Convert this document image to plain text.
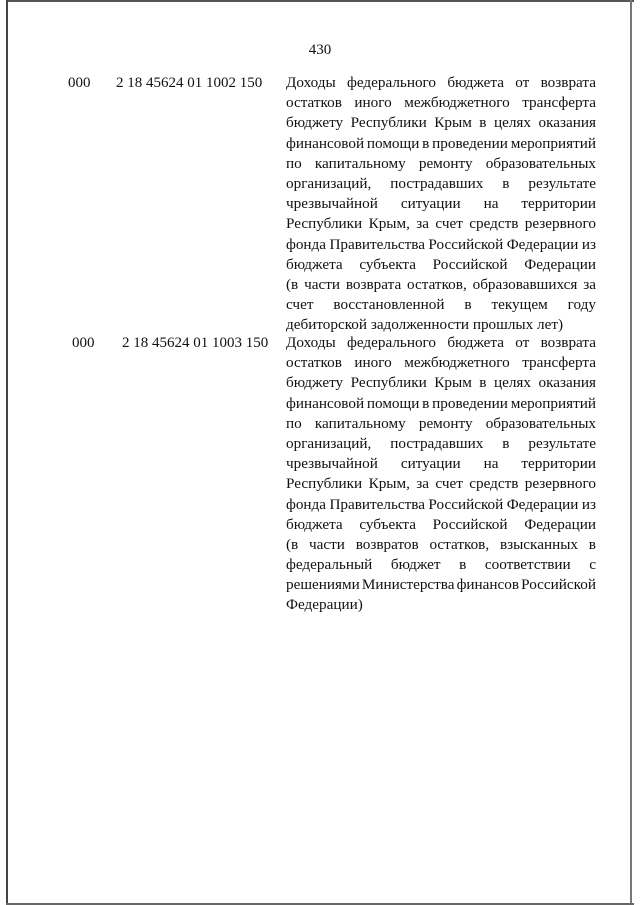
430
000 2 18 45624 01 1002 150 Доходы федерального бюджета от возврата
остатков иного межбюджетного трансферта
бюджету Республики Крым в целях оказания
финансовой помощи в проведении мероприятий
по капитальному ремонту образовательных
организаций, пострадавших в результате
чрезвычайной ситуации на территории
Республики Крым, за счет средств резервного
фонда Правительства Российской Федерации из
бюджета субъекта Российской Федерации
(в части возврата остатков, образовавшихся за
счет восстановленной в текущем году
дебиторской задолженности прошлых лет)
000 2 18 45624 01 1003 150 Доходы федерального бюджета от возврата
остатков иного межбюджетного трансферта
бюджету Республики Крым в целях оказания
финансовой помощи в проведении мероприятий
по капитальному ремонту образовательных
организаций, пострадавших в результате
чрезвычайной ситуации на территории
Республики Крым, за счет средств резервного
фонда Правительства Российской Федерации из
бюджета субъекта Российской Федерации
(в части возвратов остатков, взысканных в
федеральный бюджет в соответствии с
решениями Министерства финансов Российской
Федерации)
